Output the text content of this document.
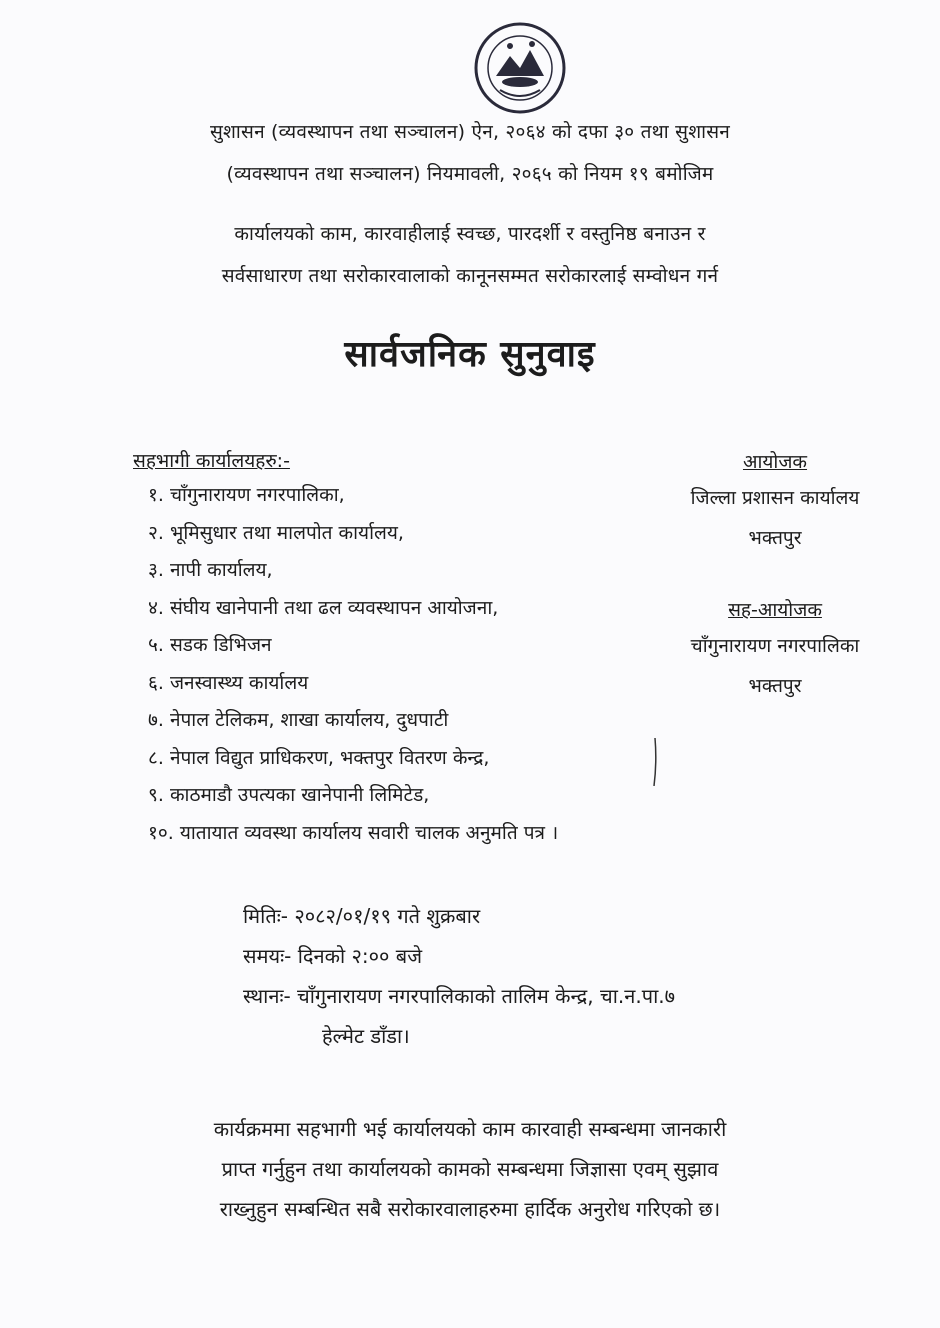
सुशासन (व्यवस्थापन तथा सञ्चालन) ऐन, २०६४ को दफा ३० तथा सुशासन
(व्यवस्थापन तथा सञ्चालन) नियमावली, २०६५ को नियम १९ बमोजिम
कार्यालयको काम, कारवाहीलाई स्वच्छ, पारदर्शी र वस्तुनिष्ठ बनाउन र
सर्वसाधारण तथा सरोकारवालाको कानूनसम्मत सरोकारलाई सम्वोधन गर्न
सार्वजनिक सुनुवाइ
सहभागी कार्यालयहरु:-
१. चाँगुनारायण नगरपालिका,
२. भूमिसुधार तथा मालपोत कार्यालय,
३. नापी कार्यालय,
४. संघीय खानेपानी तथा ढल व्यवस्थापन आयोजना,
५. सडक डिभिजन
६. जनस्वास्थ्य कार्यालय
७. नेपाल टेलिकम, शाखा कार्यालय, दुधपाटी
८. नेपाल विद्युत प्राधिकरण, भक्तपुर वितरण केन्द्र,
९. काठमाडौ उपत्यका खानेपानी लिमिटेड,
१०. यातायात व्यवस्था कार्यालय सवारी चालक अनुमति पत्र ।
आयोजक
जिल्ला प्रशासन कार्यालय
भक्तपुर
सह-आयोजक
चाँगुनारायण नगरपालिका
भक्तपुर
मितिः- २०८२/०१/१९ गते शुक्रबार
समयः- दिनको २:०० बजे
स्थानः- चाँगुनारायण नगरपालिकाको तालिम केन्द्र, चा.न.पा.७
हेल्मेट डाँडा।
कार्यक्रममा सहभागी भई कार्यालयको काम कारवाही सम्बन्धमा जानकारी
प्राप्त गर्नुहुन तथा कार्यालयको कामको सम्बन्धमा जिज्ञासा एवम् सुझाव
राख्नुहुन सम्बन्धित सबै सरोकारवालाहरुमा हार्दिक अनुरोध गरिएको छ।
